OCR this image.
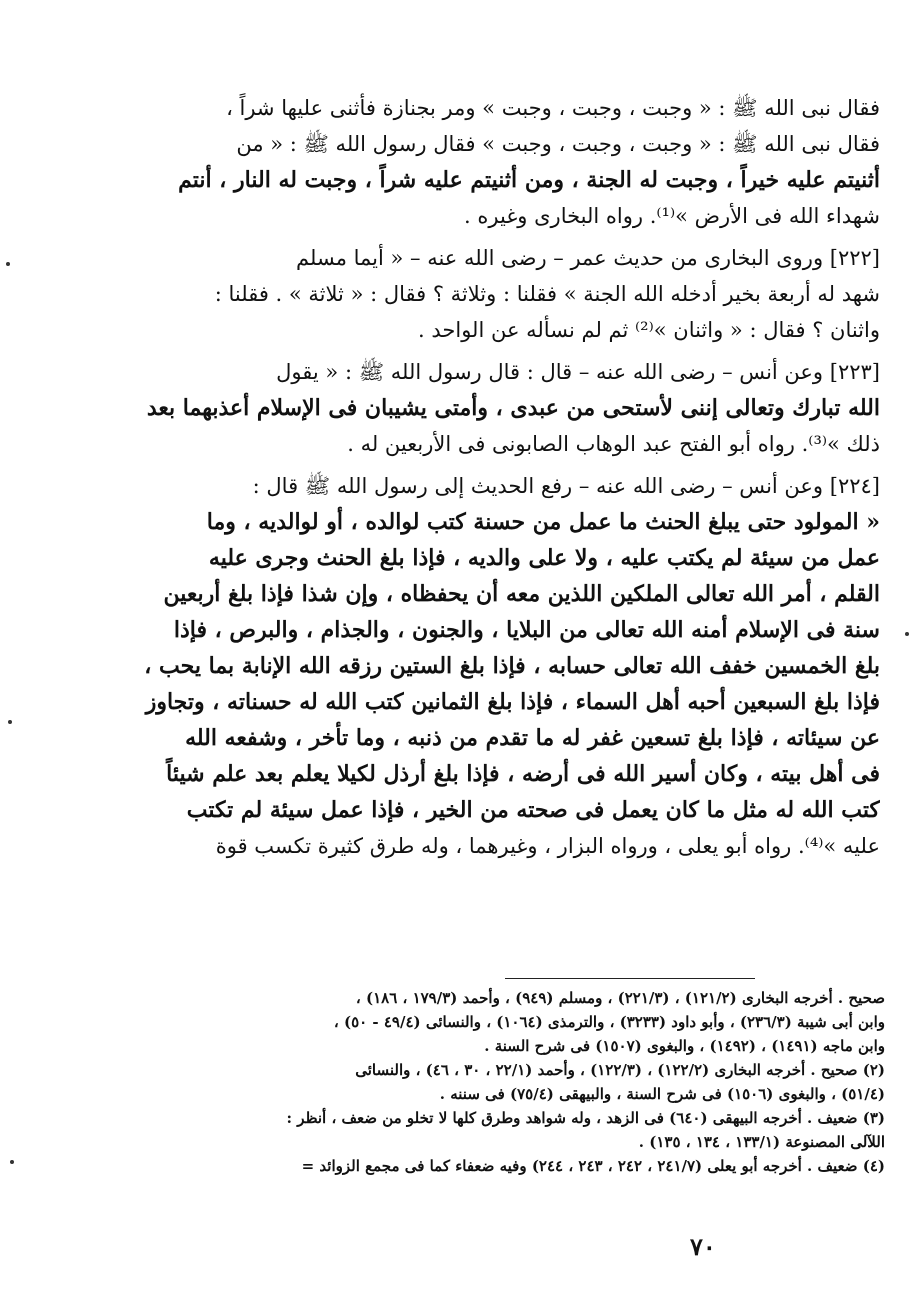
فقال نبى الله ﷺ : « وجبت ، وجبت ، وجبت » ومر بجنازة فأثنى عليها شراً ،
فقال نبى الله ﷺ : « وجبت ، وجبت ، وجبت » فقال رسول الله ﷺ : « من
أثنيتم عليه خيراً ، وجبت له الجنة ، ومن أثنيتم عليه شراً ، وجبت له النار ، أنتم
شهداء الله فى الأرض »⁽¹⁾. رواه البخارى وغيره .
[٢٢٢] وروى البخارى من حديث عمر – رضى الله عنه – « أيما مسلم
شهد له أربعة بخير أدخله الله الجنة » فقلنا : وثلاثة ؟ فقال : « ثلاثة » . فقلنا :
واثنان ؟ فقال : « واثنان »⁽²⁾ ثم لم نسأله عن الواحد .
[٢٢٣] وعن أنس – رضى الله عنه – قال : قال رسول الله ﷺ : « يقول
الله تبارك وتعالى إننى لأستحى من عبدى ، وأمتى يشيبان فى الإسلام أعذبهما بعد
ذلك »⁽³⁾. رواه أبو الفتح عبد الوهاب الصابونى فى الأربعين له .
[٢٢٤] وعن أنس – رضى الله عنه – رفع الحديث إلى رسول الله ﷺ قال :
« المولود حتى يبلغ الحنث ما عمل من حسنة كتب لوالده ، أو لوالديه ، وما
عمل من سيئة لم يكتب عليه ، ولا على والديه ، فإذا بلغ الحنث وجرى عليه
القلم ، أمر الله تعالى الملكين اللذين معه أن يحفظاه ، وإن شذا فإذا بلغ أربعين
سنة فى الإسلام أمنه الله تعالى من البلايا ، والجنون ، والجذام ، والبرص ، فإذا
بلغ الخمسين خفف الله تعالى حسابه ، فإذا بلغ الستين رزقه الله الإنابة بما يحب ،
فإذا بلغ السبعين أحبه أهل السماء ، فإذا بلغ الثمانين كتب الله له حسناته ، وتجاوز
عن سيئاته ، فإذا بلغ تسعين غفر له ما تقدم من ذنبه ، وما تأخر ، وشفعه الله
فى أهل بيته ، وكان أسير الله فى أرضه ، فإذا بلغ أرذل لكيلا يعلم بعد علم شيئاً
كتب الله له مثل ما كان يعمل فى صحته من الخير ، فإذا عمل سيئة لم تكتب
عليه »⁽⁴⁾. رواه أبو يعلى ، ورواه البزار ، وغيرهما ، وله طرق كثيرة تكسب قوة
صحيح . أخرجه البخارى (١٢١/٢) ، (٢٢١/٣) ، ومسلم (٩٤٩) ، وأحمد (١٧٩/٣ ، ١٨٦) ،
وابن أبى شيبة (٢٣٦/٣) ، وأبو داود (٣٢٣٣) ، والترمذى (١٠٦٤) ، والنسائى (٤٩/٤ - ٥٠) ،
وابن ماجه (١٤٩١) ، (١٤٩٢) ، والبغوى (١٥٠٧) فى شرح السنة .
(٢) صحيح . أخرجه البخارى (١٢٢/٢) ، (١٢٢/٣) ، وأحمد (٢٢/١ ، ٣٠ ، ٤٦) ، والنسائى
(٥١/٤) ، والبغوى (١٥٠٦) فى شرح السنة ، والبيهقى (٧٥/٤) فى سننه .
(٣) ضعيف . أخرجه البيهقى (٦٤٠) فى الزهد ، وله شواهد وطرق كلها لا تخلو من ضعف ، أنظر :
اللآلى المصنوعة (١٣٣/١ ، ١٣٤ ، ١٣٥) .
(٤) ضعيف . أخرجه أبو يعلى (٢٤١/٧ ، ٢٤٢ ، ٢٤٣ ، ٢٤٤) وفيه ضعفاء كما فى مجمع الزوائد =
٧٠
